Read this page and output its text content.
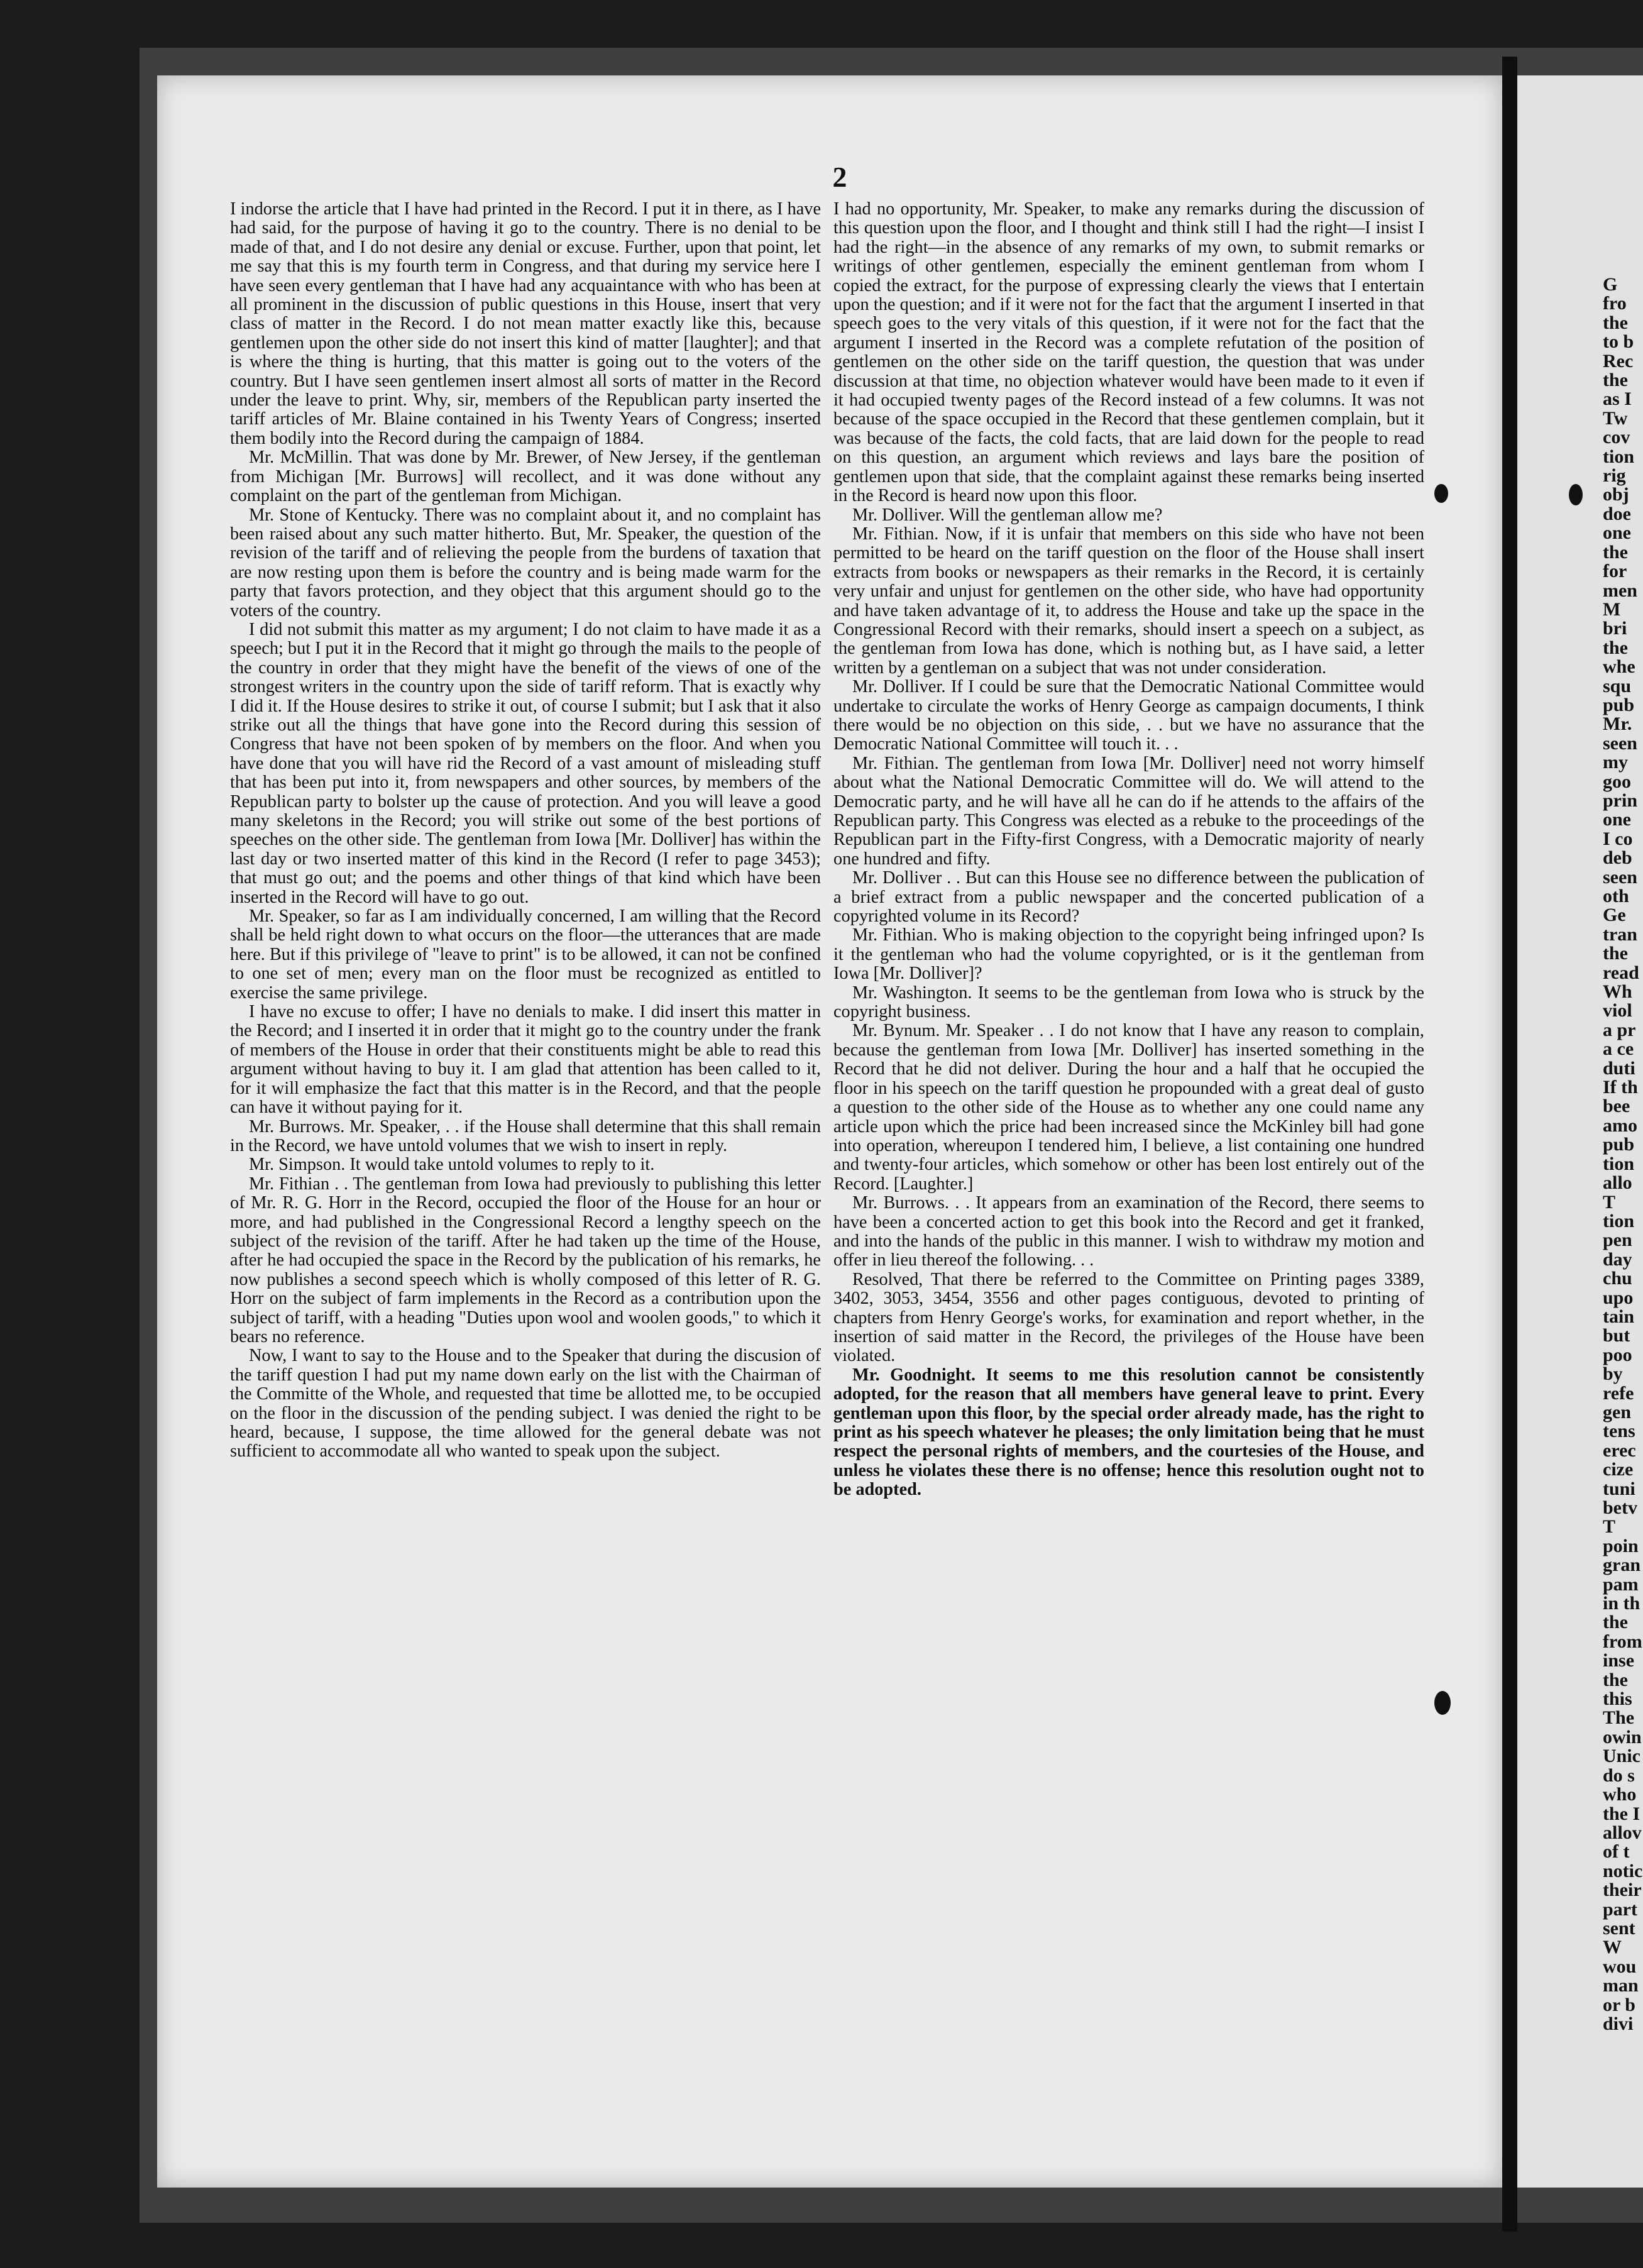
G
fro
the
to b
Rec
the
as I
Tw
cov
tion
rig
obj
doe
one
the
for
men
M
bri
the
whe
squ
pub
Mr.
seen
my
goo
prin
one
I co
deb
seen
oth
Ge
tran
the
read
Wh
viol
a pr
a ce
duti
If th
bee
amo
pub
tion
allo
T
tion
pen
day
chu
upo
tain
but
poo
by
refe
gen
tens
erec
cize
tuni
betv
T
poin
gran
pam
in th
the
from
inse
the
this
The
owin
Unic
do s
who
the I
allov
of t
notic
their
part
sent
W
wou
man
or b
divi
2

I indorse the article that I have had printed in the Record. I put it in there, as I have had said, for the purpose of having it go to the country. There is no denial to be made of that, and I do not desire any denial or excuse. Further, upon that point, let me say that this is my fourth term in Congress, and that during my service here I have seen every gentleman that I have had any acquaintance with who has been at all prominent in the discussion of public questions in this House, insert that very class of matter in the Record. I do not mean matter exactly like this, because gentlemen upon the other side do not insert this kind of matter [laughter]; and that is where the thing is hurting, that this matter is going out to the voters of the country. But I have seen gentlemen insert almost all sorts of matter in the Record under the leave to print. Why, sir, members of the Republican party inserted the tariff articles of Mr. Blaine contained in his Twenty Years of Congress; inserted them bodily into the Record during the campaign of 1884.

Mr. McMillin. That was done by Mr. Brewer, of New Jersey, if the gentleman from Michigan [Mr. Burrows] will recollect, and it was done without any complaint on the part of the gentleman from Michigan.

Mr. Stone of Kentucky. There was no complaint about it, and no complaint has been raised about any such matter hitherto. But, Mr. Speaker, the question of the revision of the tariff and of relieving the people from the burdens of taxation that are now resting upon them is before the country and is being made warm for the party that favors protection, and they object that this argument should go to the voters of the country.

I did not submit this matter as my argument; I do not claim to have made it as a speech; but I put it in the Record that it might go through the mails to the people of the country in order that they might have the benefit of the views of one of the strongest writers in the country upon the side of tariff reform. That is exactly why I did it. If the House desires to strike it out, of course I submit; but I ask that it also strike out all the things that have gone into the Record during this session of Congress that have not been spoken of by members on the floor. And when you have done that you will have rid the Record of a vast amount of misleading stuff that has been put into it, from newspapers and other sources, by members of the Republican party to bolster up the cause of protection. And you will leave a good many skeletons in the Record; you will strike out some of the best portions of speeches on the other side. The gentleman from Iowa [Mr. Dolliver] has within the last day or two inserted matter of this kind in the Record (I refer to page 3453); that must go out; and the poems and other things of that kind which have been inserted in the Record will have to go out.

Mr. Speaker, so far as I am individually concerned, I am willing that the Record shall be held right down to what occurs on the floor—the utterances that are made here. But if this privilege of "leave to print" is to be allowed, it can not be confined to one set of men; every man on the floor must be recognized as entitled to exercise the same privilege.

I have no excuse to offer; I have no denials to make. I did insert this matter in the Record; and I inserted it in order that it might go to the country under the frank of members of the House in order that their constituents might be able to read this argument without having to buy it. I am glad that attention has been called to it, for it will emphasize the fact that this matter is in the Record, and that the people can have it without paying for it.

Mr. Burrows. Mr. Speaker, . . if the House shall determine that this shall remain in the Record, we have untold volumes that we wish to insert in reply.

Mr. Simpson. It would take untold volumes to reply to it.

Mr. Fithian . . The gentleman from Iowa had previously to publishing this letter of Mr. R. G. Horr in the Record, occupied the floor of the House for an hour or more, and had published in the Congressional Record a lengthy speech on the subject of the revision of the tariff. After he had taken up the time of the House, after he had occupied the space in the Record by the publication of his remarks, he now publishes a second speech which is wholly composed of this letter of R. G. Horr on the subject of farm implements in the Record as a contribution upon the subject of tariff, with a heading "Duties upon wool and woolen goods," to which it bears no reference.

Now, I want to say to the House and to the Speaker that during the discusion of the tariff question I had put my name down early on the list with the Chairman of the Committe of the Whole, and requested that time be allotted me, to be occupied on the floor in the discussion of the pending subject. I was denied the right to be heard, because, I suppose, the time allowed for the general debate was not sufficient to accommodate all who wanted to speak upon the subject.

I had no opportunity, Mr. Speaker, to make any remarks during the discussion of this question upon the floor, and I thought and think still I had the right—I insist I had the right—in the absence of any remarks of my own, to submit remarks or writings of other gentlemen, especially the eminent gentleman from whom I copied the extract, for the purpose of expressing clearly the views that I entertain upon the question; and if it were not for the fact that the argument I inserted in that speech goes to the very vitals of this question, if it were not for the fact that the argument I inserted in the Record was a complete refutation of the position of gentlemen on the other side on the tariff question, the question that was under discussion at that time, no objection whatever would have been made to it even if it had occupied twenty pages of the Record instead of a few columns. It was not because of the space occupied in the Record that these gentlemen complain, but it was because of the facts, the cold facts, that are laid down for the people to read on this question, an argument which reviews and lays bare the position of gentlemen upon that side, that the complaint against these remarks being inserted in the Record is heard now upon this floor.

Mr. Dolliver. Will the gentleman allow me?

Mr. Fithian. Now, if it is unfair that members on this side who have not been permitted to be heard on the tariff question on the floor of the House shall insert extracts from books or newspapers as their remarks in the Record, it is certainly very unfair and unjust for gentlemen on the other side, who have had opportunity and have taken advantage of it, to address the House and take up the space in the Congressional Record with their remarks, should insert a speech on a subject, as the gentleman from Iowa has done, which is nothing but, as I have said, a letter written by a gentleman on a subject that was not under consideration.

Mr. Dolliver. If I could be sure that the Democratic National Committee would undertake to circulate the works of Henry George as campaign documents, I think there would be no objection on this side, . . but we have no assurance that the Democratic National Committee will touch it. . .

Mr. Fithian. The gentleman from Iowa [Mr. Dolliver] need not worry himself about what the National Democratic Committee will do. We will attend to the Democratic party, and he will have all he can do if he attends to the affairs of the Republican party. This Congress was elected as a rebuke to the proceedings of the Republican part in the Fifty-first Congress, with a Democratic majority of nearly one hundred and fifty.

Mr. Dolliver . . But can this House see no difference between the publication of a brief extract from a public newspaper and the concerted publication of a copyrighted volume in its Record?

Mr. Fithian. Who is making objection to the copyright being infringed upon? Is it the gentleman who had the volume copyrighted, or is it the gentleman from Iowa [Mr. Dolliver]?

Mr. Washington. It seems to be the gentleman from Iowa who is struck by the copyright business.

Mr. Bynum. Mr. Speaker . . I do not know that I have any reason to complain, because the gentleman from Iowa [Mr. Dolliver] has inserted something in the Record that he did not deliver. During the hour and a half that he occupied the floor in his speech on the tariff question he propounded with a great deal of gusto a question to the other side of the House as to whether any one could name any article upon which the price had been increased since the McKinley bill had gone into operation, whereupon I tendered him, I believe, a list containing one hundred and twenty-four articles, which somehow or other has been lost entirely out of the Record. [Laughter.]

Mr. Burrows. . . It appears from an examination of the Record, there seems to have been a concerted action to get this book into the Record and get it franked, and into the hands of the public in this manner. I wish to withdraw my motion and offer in lieu thereof the following. . .

Resolved, That there be referred to the Committee on Printing pages 3389, 3402, 3053, 3454, 3556 and other pages contiguous, devoted to printing of chapters from Henry George's works, for examination and report whether, in the insertion of said matter in the Record, the privileges of the House have been violated.

Mr. Goodnight. It seems to me this resolution cannot be consistently adopted, for the reason that all members have general leave to print. Every gentleman upon this floor, by the special order already made, has the right to print as his speech whatever he pleases; the only limitation being that he must respect the personal rights of members, and the courtesies of the House, and unless he violates these there is no offense; hence this resolution ought not to be adopted.
